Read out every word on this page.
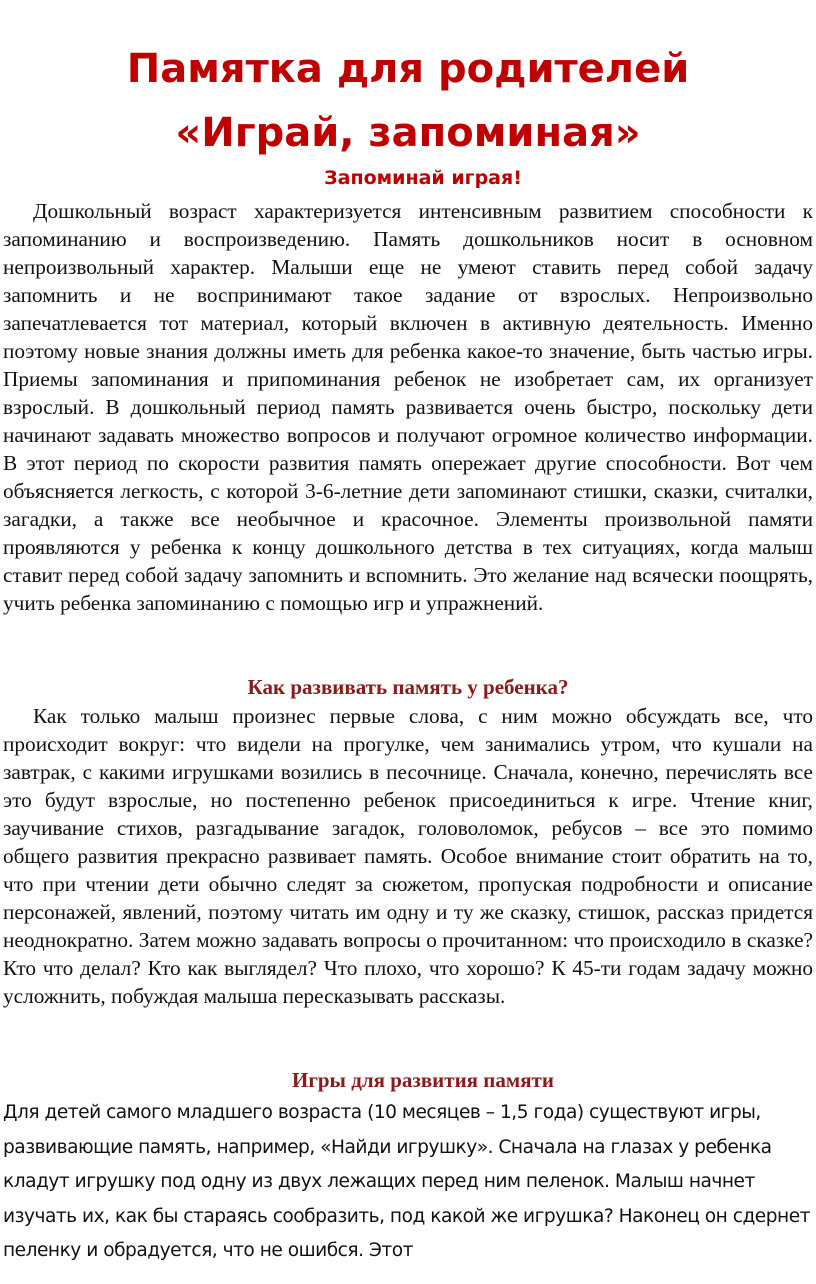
Памятка для родителей
«Играй, запоминая»
Запоминай играя!

Дошкольный возраст характеризуется интенсивным развитием способности к запоминанию и воспроизведению. Память дошкольников носит в основном непроизвольный характер. Малыши еще не умеют ставить перед собой задачу запомнить и не воспринимают такое задание от взрослых. Непроизвольно запечатлевается тот материал, который включен в активную деятельность. Именно поэтому новые знания должны иметь для ребенка какое-то значение, быть частью игры. Приемы запоминания и припоминания ребенок не изобретает сам, их организует взрослый. В дошкольный период память развивается очень быстро, поскольку дети начинают задавать множество вопросов и получают огромное количество информации. В этот период по скорости развития память опережает другие способности. Вот чем объясняется легкость, с которой 3-6-летние дети запоминают стишки, сказки, считалки, загадки, а также все необычное и красочное. Элементы произвольной памяти проявляются у ребенка к концу дошкольного детства в тех ситуациях, когда малыш ставит перед собой задачу запомнить и вспомнить. Это желание над всячески поощрять, учить ребенка запоминанию с помощью игр и упражнений.

Как развивать память у ребенка?

Как только малыш произнес первые слова, с ним можно обсуждать все, что происходит вокруг: что видели на прогулке, чем занимались утром, что кушали на завтрак, с какими игрушками возились в песочнице. Сначала, конечно, перечислять все это будут взрослые, но постепенно ребенок присоединиться к игре. Чтение книг, заучивание стихов, разгадывание загадок, головоломок, ребусов – все это помимо общего развития прекрасно развивает память. Особое внимание стоит обратить на то, что при чтении дети обычно следят за сюжетом, пропуская подробности и описание персонажей, явлений, поэтому читать им одну и ту же сказку, стишок, рассказ придется неоднократно. Затем можно задавать вопросы о прочитанном: что происходило в сказке? Кто что делал? Кто как выглядел? Что плохо, что хорошо? К 45-ти годам задачу можно усложнить, побуждая малыша пересказывать рассказы.

Игры для развития памяти

Для детей самого младшего возраста (10 месяцев – 1,5 года) существуют игры, развивающие память, например, «Найди игрушку». Сначала на глазах у ребенка кладут игрушку под одну из двух лежащих перед ним пеленок. Малыш начнет изучать их, как бы стараясь сообразить, под какой же игрушка? Наконец он сдернет пеленку и обрадуется, что не ошибся. Этот
